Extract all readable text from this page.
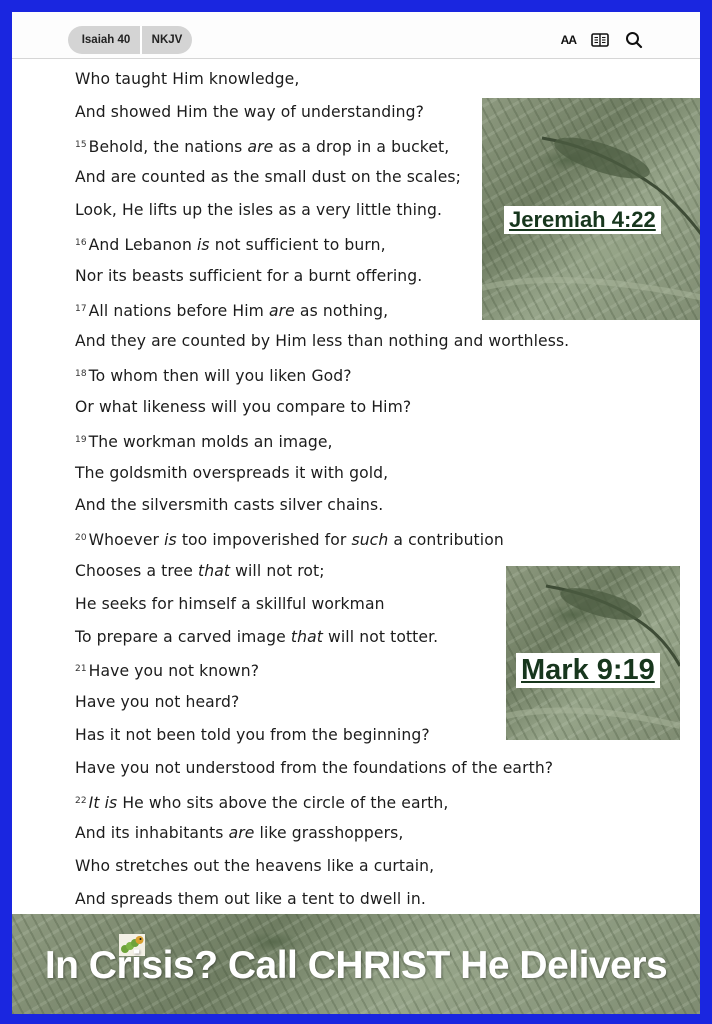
Isaiah 40	NKJV	AA
Who taught Him knowledge,
And showed Him the way of understanding?
$^{15}$ Behold, the nations are as a drop in a bucket,
And are counted as the small dust on the scales;
Look, He lifts up the isles as a very little thing.
$^{16}$ And Lebanon is not sufficient to burn,
Nor its beasts sufficient for a burnt offering.
$^{17}$ All nations before Him are as nothing,
And they are counted by Him less than nothing and worthless.
$^{18}$ To whom then will you liken God?
Or what likeness will you compare to Him?
$^{19}$ The workman molds an image,
The goldsmith overspreads it with gold,
And the silversmith casts silver chains.
$^{20}$ Whoever is too impoverished for such a contribution
Chooses a tree that will not rot;
He seeks for himself a skillful workman
To prepare a carved image that will not totter.
$^{21}$ Have you not known?
Have you not heard?
Has it not been told you from the beginning?
Have you not understood from the foundations of the earth?
$^{22}$ It is He who sits above the circle of the earth,
And its inhabitants are like grasshoppers,
Who stretches out the heavens like a curtain,
And spreads them out like a tent to dwell in.
Jeremiah 4:22
Mark 9:19
In Crisis? Call CHRIST He Delivers
